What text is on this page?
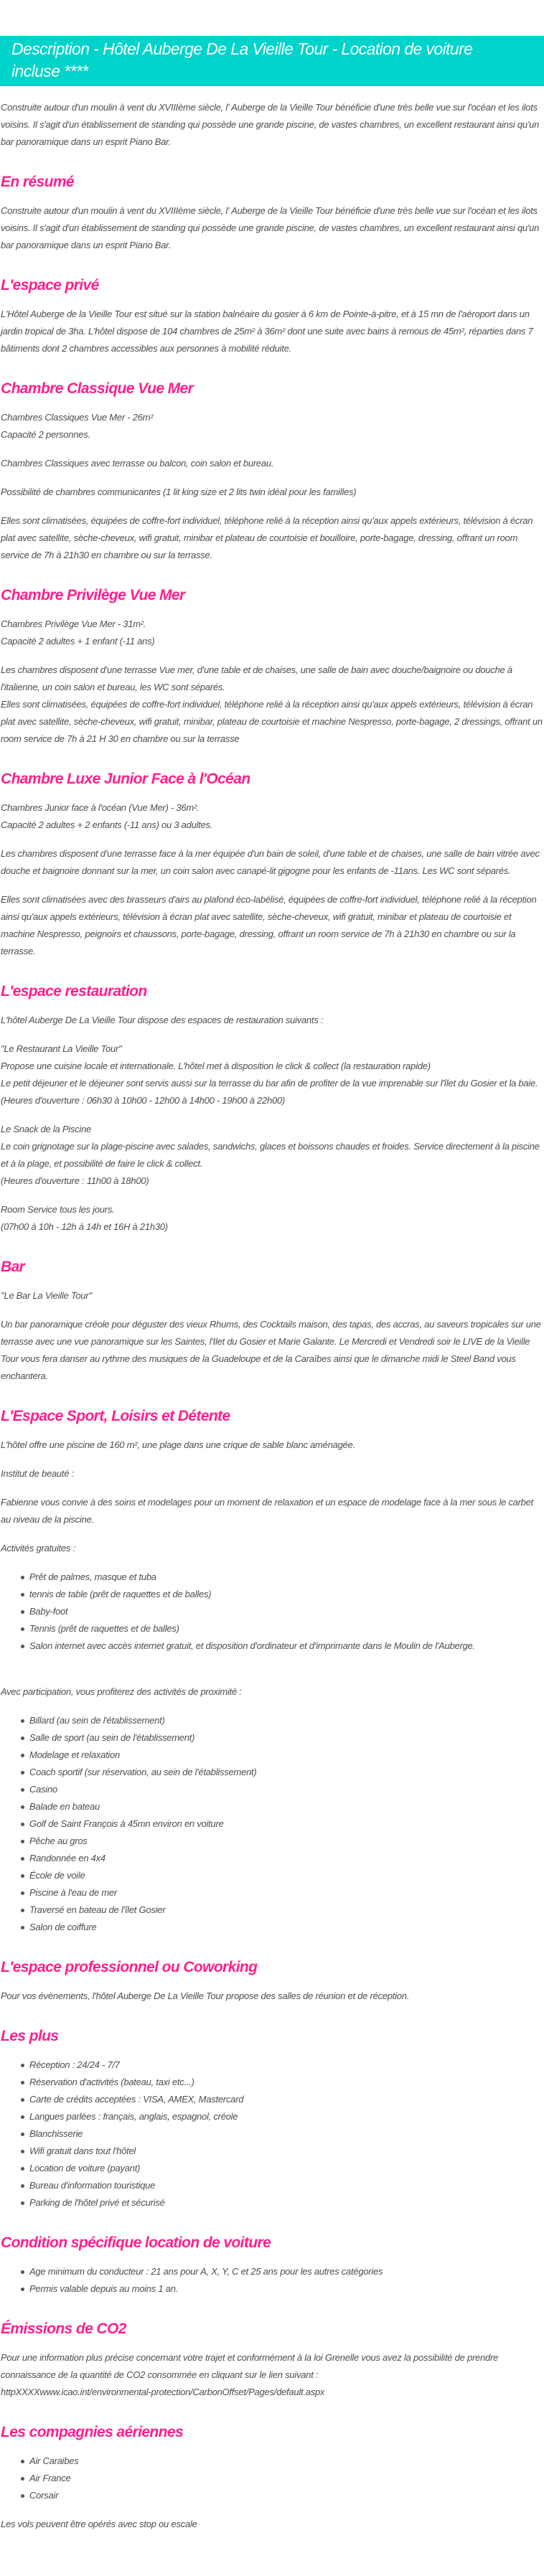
Description - Hôtel Auberge De La Vieille Tour - Location de voiture incluse ****

Construite autour d'un moulin à vent du XVIIIème siècle, l' Auberge de la Vieille Tour bénéficie d'une très belle vue sur l'océan et les ilots voisins. Il s'agit d'un établissement de standing qui possède une grande piscine, de vastes chambres, un excellent restaurant ainsi qu'un bar panoramique dans un esprit Piano Bar.

En résumé

Construite autour d'un moulin à vent du XVIIIème siècle, l' Auberge de la Vieille Tour bénéficie d'une très belle vue sur l'océan et les ilots voisins. Il s'agit d'un établissement de standing qui possède une grande piscine, de vastes chambres, un excellent restaurant ainsi qu'un bar panoramique dans un esprit Piano Bar.

L'espace privé

L'Hôtel Auberge de la Vieille Tour est situé sur la station balnéaire du gosier à 6 km de Pointe-à-pitre, et à 15 mn de l'aéroport dans un jardin tropical de 3ha. L'hôtel dispose de 104 chambres de 25m² à 36m² dont une suite avec bains à remous de 45m², réparties dans 7 bâtiments dont 2 chambres accessibles aux personnes à mobilité réduite.

Chambre Classique Vue Mer

Chambres Classiques Vue Mer - 26m²
Capacité 2 personnes.

Chambres Classiques avec terrasse ou balcon, coin salon et bureau.

Possibilité de chambres communicantes (1 lit king size et 2 lits twin idéal pour les familles)

Elles sont climatisées, équipées de coffre-fort individuel, téléphone relié à la réception ainsi qu'aux appels extérieurs, télévision à écran plat avec satellite, sèche-cheveux, wifi gratuit, minibar et plateau de courtoisie et bouilloire, porte-bagage, dressing, offrant un room service de 7h à 21h30 en chambre ou sur la terrasse.

Chambre Privilège Vue Mer

Chambres Privilège Vue Mer - 31m².
Capacité 2 adultes + 1 enfant (-11 ans)

Les chambres disposent d'une terrasse Vue mer, d'une table et de chaises, une salle de bain avec douche/baignoire ou douche à l'italienne, un coin salon et bureau, les WC sont séparés.
Elles sont climatisées, équipées de coffre-fort individuel, téléphone relié à la réception ainsi qu'aux appels extérieurs, télévision à écran plat avec satellite, sèche-cheveux, wifi gratuit, minibar, plateau de courtoisie et machine Nespresso, porte-bagage, 2 dressings, offrant un room service de 7h à 21 H 30 en chambre ou sur la terrasse

Chambre Luxe Junior Face à l'Océan

Chambres Junior face à l'océan (Vue Mer) - 36m².
Capacité 2 adultes + 2 enfants (-11 ans) ou 3 adultes.

Les chambres disposent d'une terrasse face à la mer équipée d'un bain de soleil, d'une table et de chaises, une salle de bain vitrée avec douche et baignoire donnant sur la mer, un coin salon avec canapé-lit gigogne pour les enfants de -11ans. Les WC sont séparés.

Elles sont climatisées avec des brasseurs d'airs au plafond éco-labélisé, équipées de coffre-fort individuel, téléphone relié à la réception ainsi qu'aux appels extérieurs, télévision à écran plat avec satellite, sèche-cheveux, wifi gratuit, minibar et plateau de courtoisie et machine Nespresso, peignoirs et chaussons, porte-bagage, dressing, offrant un room service de 7h à 21h30 en chambre ou sur la terrasse.

L'espace restauration

L'hôtel Auberge De La Vieille Tour dispose des espaces de restauration suivants :

"Le Restaurant La Vieille Tour"
Propose une cuisine locale et internationale. L'hôtel met à disposition le click & collect (la restauration rapide)
Le petit déjeuner et le déjeuner sont servis aussi sur la terrasse du bar afin de profiter de la vue imprenable sur l'îlet du Gosier et la baie.
(Heures d'ouverture : 06h30 à 10h00 - 12h00 à 14h00 - 19h00 à 22h00)

Le Snack de la Piscine
Le coin grignotage sur la plage-piscine avec salades, sandwichs, glaces et boissons chaudes et froides. Service directement à la piscine et à la plage, et possibilité de faire le click & collect.
(Heures d'ouverture : 11h00 à 18h00)

Room Service tous les jours.
(07h00 à 10h - 12h à 14h et 16H à 21h30)

Bar

"Le Bar La Vieille Tour"

Un bar panoramique créole pour déguster des vieux Rhums, des Cocktails maison, des tapas, des accras, au saveurs tropicales sur une terrasse avec une vue panoramique sur les Saintes, l'Ilet du Gosier et Marie Galante. Le Mercredi et Vendredi soir le LIVE de la Vieille Tour vous fera danser au rythme des musiques de la Guadeloupe et de la Caraïbes ainsi que le dimanche midi le Steel Band vous enchantera.

L'Espace Sport, Loisirs et Détente

L'hôtel offre une piscine de 160 m², une plage dans une crique de sable blanc aménagée.

Institut de beauté :

Fabienne vous convie à des soins et modelages pour un moment de relaxation et un espace de modelage face à la mer sous le carbet au niveau de la piscine.

Activités gratuites :

Prêt de palmes, masque et tuba
tennis de table (prêt de raquettes et de balles)
Baby-foot
Tennis (prêt de raquettes et de balles)
Salon internet avec accès internet gratuit, et disposition d'ordinateur et d'imprimante dans le Moulin de l'Auberge.

Avec participation, vous profiterez des activités de proximité :

Billard (au sein de l'établissement)
Salle de sport (au sein de l'établissement)
Modelage et relaxation
Coach sportif (sur réservation, au sein de l'établissement)
Casino
Balade en bateau
Golf de Saint François à 45mn environ en voiture
Pêche au gros
Randonnée en 4x4
École de voile
Piscine à l'eau de mer
Traversé en bateau de l'îlet Gosier
Salon de coiffure
L'espace professionnel ou Coworking

Pour vos évènements, l'hôtel Auberge De La Vieille Tour propose des salles de réunion et de réception.

Les plus
Réception : 24/24 - 7/7
Réservation d'activités (bateau, taxi etc...)
Carte de crédits acceptées : VISA, AMEX, Mastercard
Langues parlées : français, anglais, espagnol, créole
Blanchisserie
Wifi gratuit dans tout l'hôtel
Location de voiture (payant)
Bureau d'information touristique
Parking de l'hôtel privé et sécurisé
Condition spécifique location de voiture
Age minimum du conducteur : 21 ans pour A, X, Y, C et 25 ans pour les autres catégories
Permis valable depuis au moins 1 an.
Émissions de CO2

Pour une information plus précise concernant votre trajet et conformément à la loi Grenelle vous avez la possibilité de prendre connaissance de la quantité de CO2 consommée en cliquant sur le lien suivant :
httpXXXXwww.icao.int/environmental-protection/CarbonOffset/Pages/default.aspx

Les compagnies aériennes
Air Caraibes
Air France
Corsair

Les vols peuvent être opérés avec stop ou escale
